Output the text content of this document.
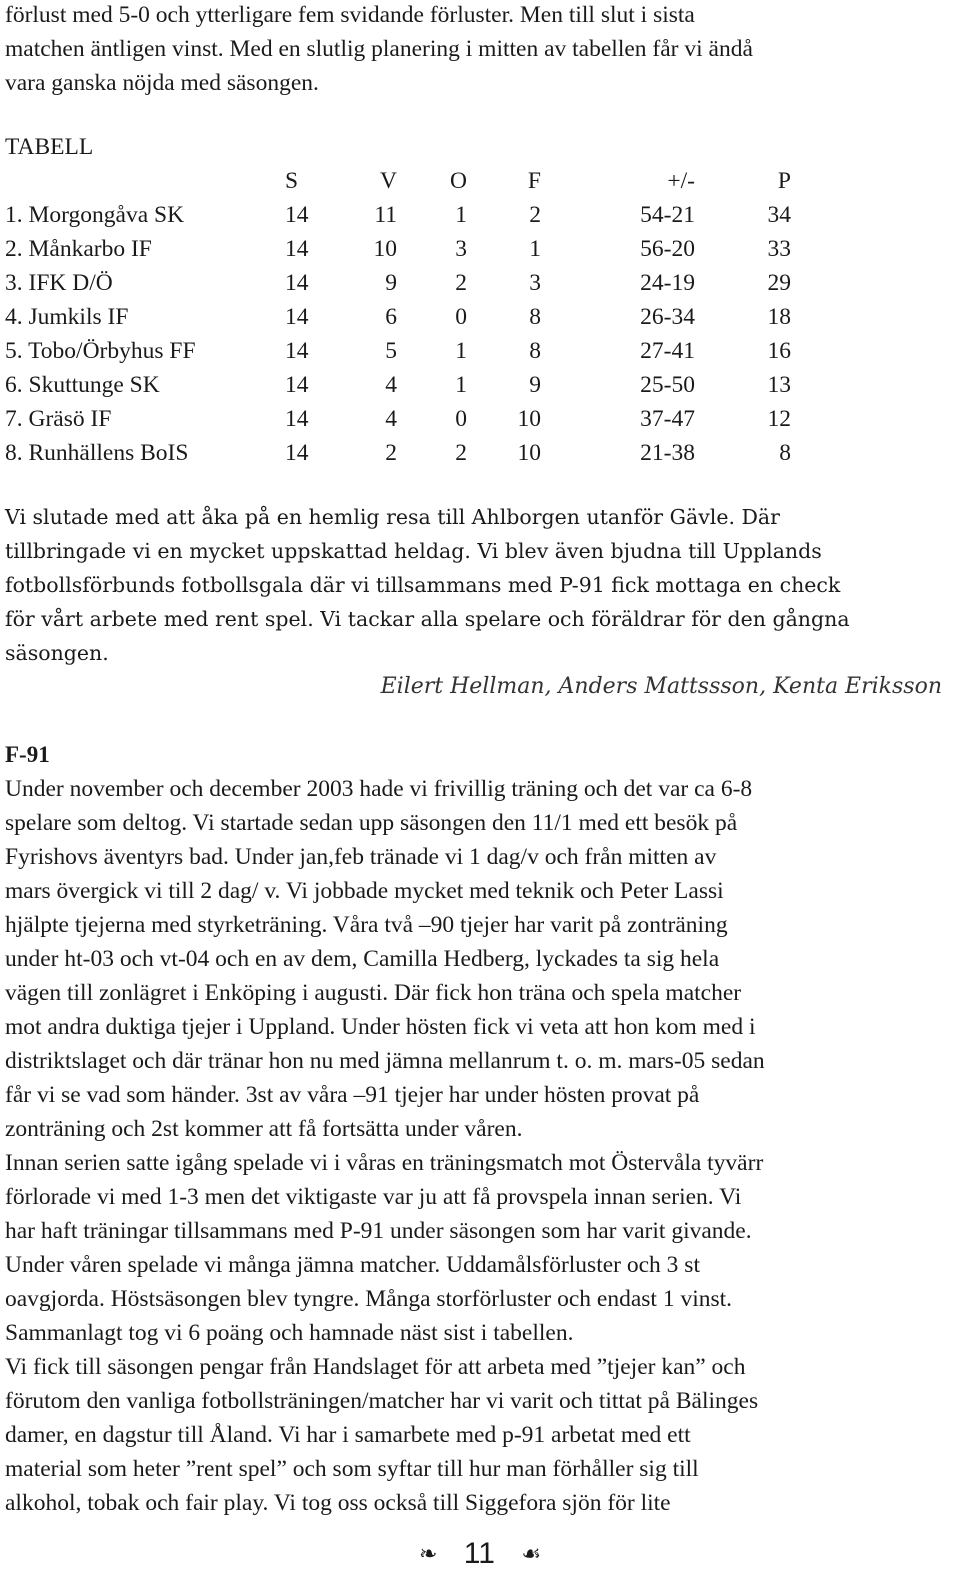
förlust med 5-0 och ytterligare fem svidande förluster. Men till slut i sista
matchen äntligen vinst. Med en slutlig planering i mitten av tabellen får vi ändå
vara ganska nöjda med säsongen.

TABELL
	S	V	O	F	+/-	P
1. Morgongåva SK	14	11	1	2	54-21	34
2. Månkarbo IF	14	10	3	1	56-20	33
3. IFK D/Ö	14	9	2	3	24-19	29
4. Jumkils IF	14	6	0	8	26-34	18
5. Tobo/Örbyhus FF	14	5	1	8	27-41	16
6. Skuttunge SK	14	4	1	9	25-50	13
7. Gräsö IF	14	4	0	10	37-47	12
8. Runhällens BoIS	14	2	2	10	21-38	8

Vi slutade med att åka på en hemlig resa till Ahlborgen utanför Gävle. Där
tillbringade vi en mycket uppskattad heldag. Vi blev även bjudna till Upplands
fotbollsförbunds fotbollsgala där vi tillsammans med P-91 fick mottaga en check
för vårt arbete med rent spel. Vi tackar alla spelare och föräldrar för den gångna
säsongen.

Eilert Hellman, Anders Mattssson, Kenta Eriksson
F-91

Under november och december 2003 hade vi frivillig träning och det var ca 6-8
spelare som deltog. Vi startade sedan upp säsongen den 11/1 med ett besök på
Fyrishovs äventyrs bad. Under jan,feb tränade vi 1 dag/v och från mitten av
mars övergick vi till 2 dag/ v. Vi jobbade mycket med teknik och Peter Lassi
hjälpte tjejerna med styrketräning. Våra två –90 tjejer har varit på zonträning
under ht-03 och vt-04 och en av dem, Camilla Hedberg, lyckades ta sig hela
vägen till zonlägret i Enköping i augusti. Där fick hon träna och spela matcher
mot andra duktiga tjejer i Uppland. Under hösten fick vi veta att hon kom med i
distriktslaget och där tränar hon nu med jämna mellanrum t. o. m. mars-05 sedan
får vi se vad som händer. 3st av våra –91 tjejer har under hösten provat på
zonträning och 2st kommer att få fortsätta under våren.
Innan serien satte igång spelade vi i våras en träningsmatch mot Östervåla tyvärr
förlorade vi med 1-3 men det viktigaste var ju att få provspela innan serien. Vi
har haft träningar tillsammans med P-91 under säsongen som har varit givande.
Under våren spelade vi många jämna matcher. Uddamålsförluster och 3 st
oavgjorda. Höstsäsongen blev tyngre. Många storförluster och endast 1 vinst.
Sammanlagt tog vi 6 poäng och hamnade näst sist i tabellen.
Vi fick till säsongen pengar från Handslaget för att arbeta med ”tjejer kan” och
förutom den vanliga fotbollsträningen/matcher har vi varit och tittat på Bälinges
damer, en dagstur till Åland. Vi har i samarbete med p-91 arbetat med ett
material som heter ”rent spel” och som syftar till hur man förhåller sig till
alkohol, tobak och fair play. Vi tog oss också till Siggefora sjön för lite

❧ 11 ☙
